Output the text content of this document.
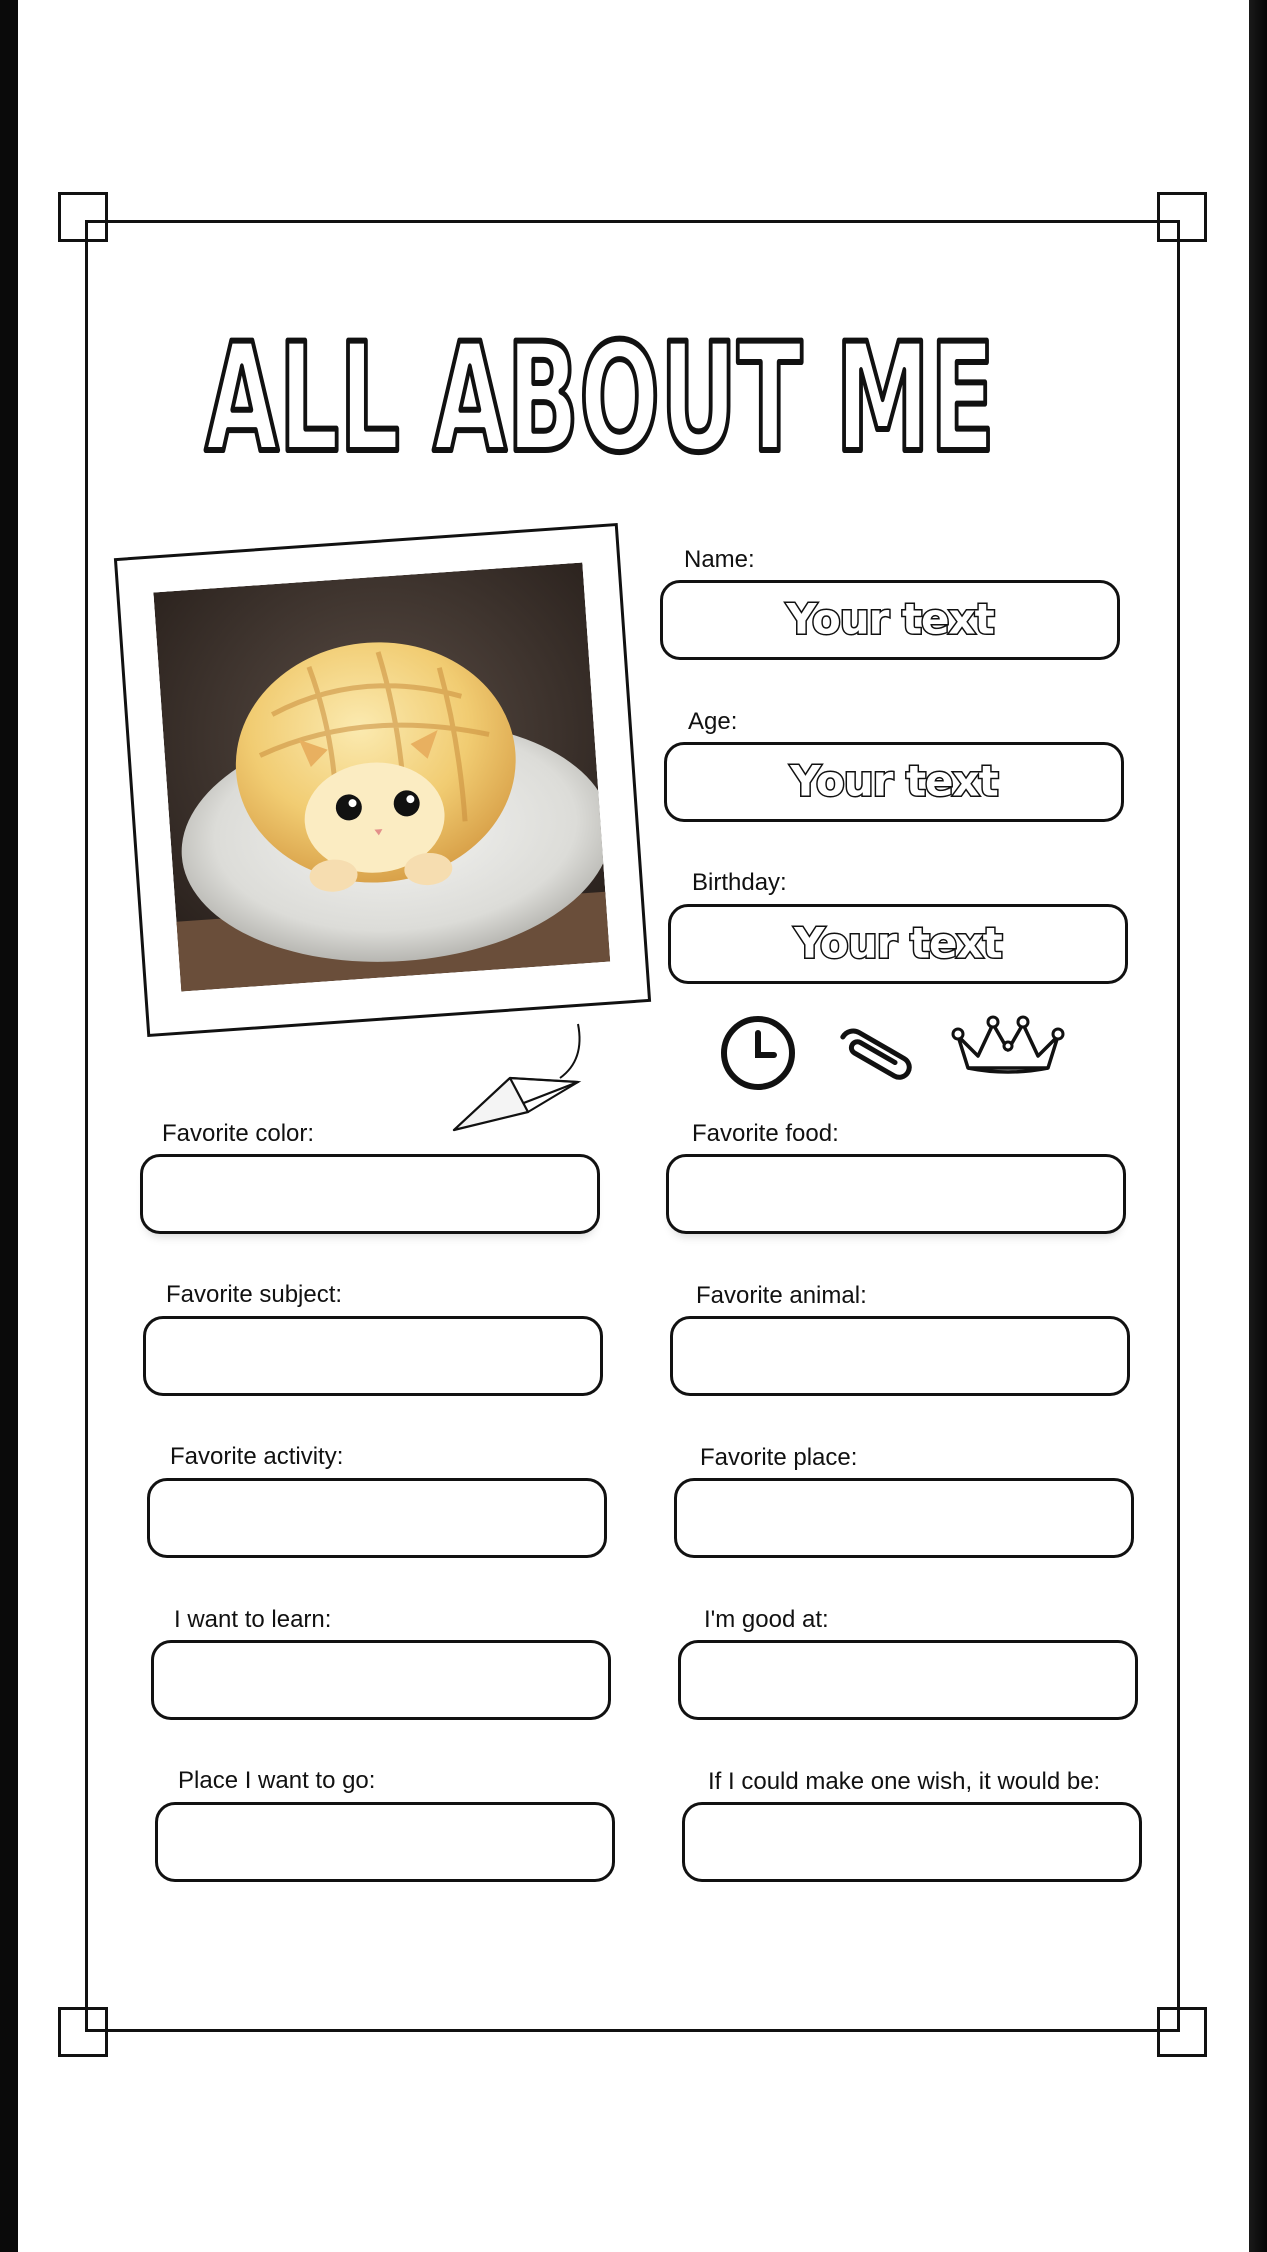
ALL ABOUT ME
Name:
Your text
Age:
Your text
Birthday:
Your text
Favorite color:	Favorite food:
Favorite subject:	Favorite animal:
Favorite activity:	Favorite place:
I want to learn:	I'm good at:
Place I want to go:	If I could make one wish, it would be:
